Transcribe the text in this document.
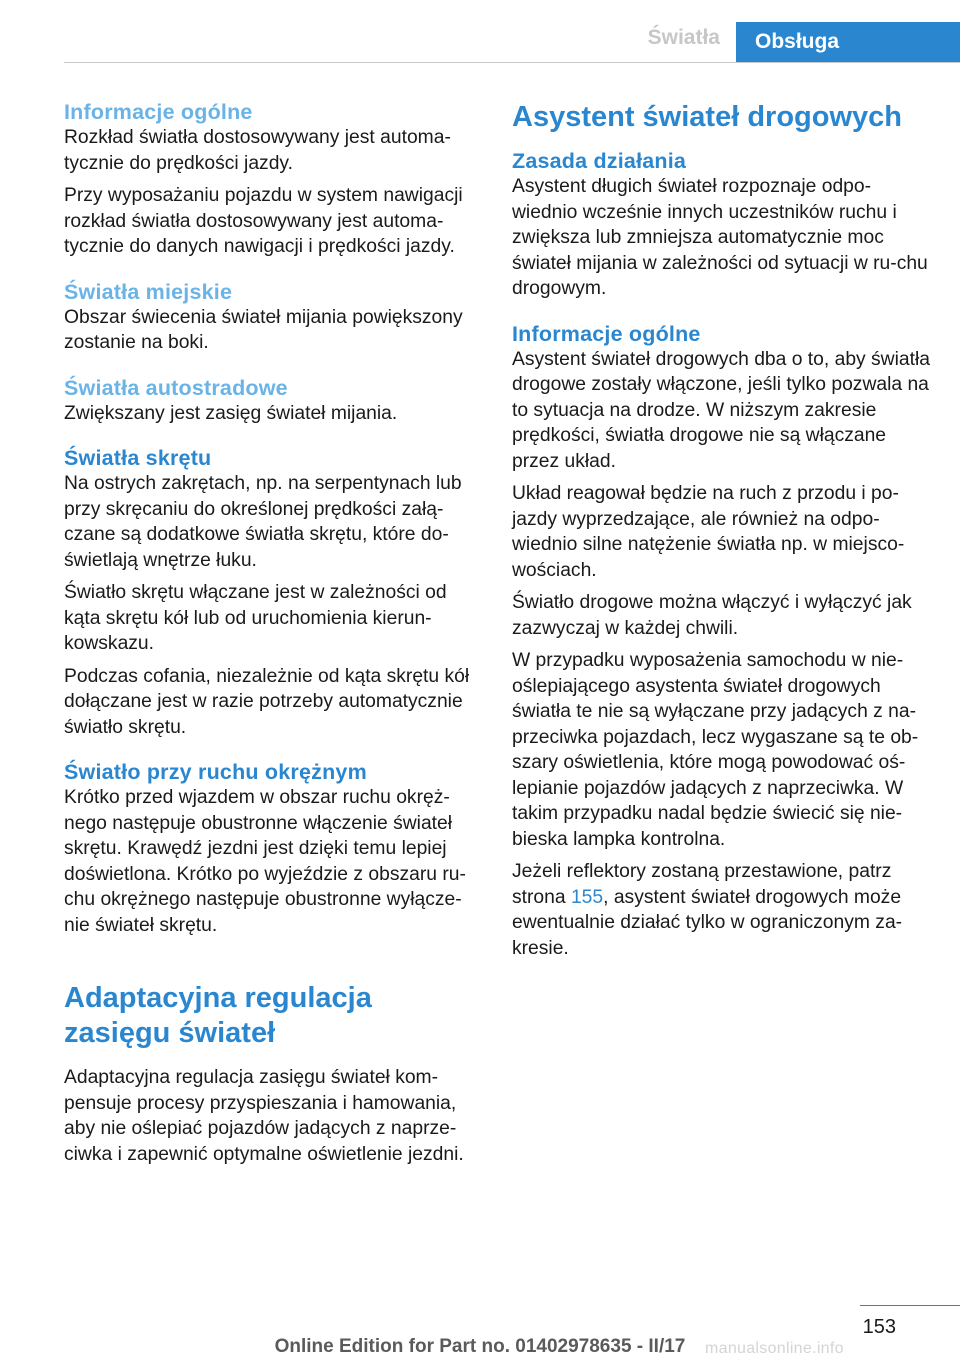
Światła	Obsługa
Informacje ogólne

Rozkład światła dostosowywany jest automa‐tycznie do prędkości jazdy.

Przy wyposażaniu pojazdu w system nawigacji rozkład światła dostosowywany jest automa‐tycznie do danych nawigacji i prędkości jazdy.

Światła miejskie

Obszar świecenia świateł mijania powiększony zostanie na boki.

Światła autostradowe

Zwiększany jest zasięg świateł mijania.

Światła skrętu

Na ostrych zakrętach, np. na serpentynach lub przy skręcaniu do określonej prędkości załą‐czane są dodatkowe światła skrętu, które do‐świetlają wnętrze łuku.

Światło skrętu włączane jest w zależności od kąta skrętu kół lub od uruchomienia kierun‐kowskazu.

Podczas cofania, niezależnie od kąta skrętu kół dołączane jest w razie potrzeby automatycznie światło skrętu.

Światło przy ruchu okrężnym

Krótko przed wjazdem w obszar ruchu okręż‐nego następuje obustronne włączenie świateł skrętu. Krawędź jezdni jest dzięki temu lepiej doświetlona. Krótko po wyjeździe z obszaru ru‐chu okrężnego następuje obustronne wyłącze‐nie świateł skrętu.

Adaptacyjna regulacja
zasięgu świateł

Adaptacyjna regulacja zasięgu świateł kom‐pensuje procesy przyspieszania i hamowania, aby nie oślepiać pojazdów jadących z naprze‐ciwka i zapewnić optymalne oświetlenie jezdni.

Asystent świateł drogowych
Zasada działania

Asystent długich świateł rozpoznaje odpo‐wiednio wcześnie innych uczestników ruchu i zwiększa lub zmniejsza automatycznie moc świateł mijania w zależności od sytuacji w ru‐chu drogowym.

Informacje ogólne

Asystent świateł drogowych dba o to, aby światła drogowe zostały włączone, jeśli tylko pozwala na to sytuacja na drodze. W niższym zakresie prędkości, światła drogowe nie są włączane przez układ.

Układ reagował będzie na ruch z przodu i po‐jazdy wyprzedzające, ale również na odpo‐wiednio silne natężenie światła np. w miejsco‐wościach.

Światło drogowe można włączyć i wyłączyć jak zazwyczaj w każdej chwili.

W przypadku wyposażenia samochodu w nie‐oślepiającego asystenta świateł drogowych światła te nie są wyłączane przy jadących z na‐przeciwka pojazdach, lecz wygaszane są te ob‐szary oświetlenia, które mogą powodować oś‐lepianie pojazdów jadących z naprzeciwka. W takim przypadku nadal będzie świecić się nie‐bieska lampka kontrolna.

Jeżeli reflektory zostaną przestawione, patrz strona 155, asystent świateł drogowych może ewentualnie działać tylko w ograniczonym za‐kresie.

153
Online Edition for Part no. 01402978635 - II/17	manualsonline.info
